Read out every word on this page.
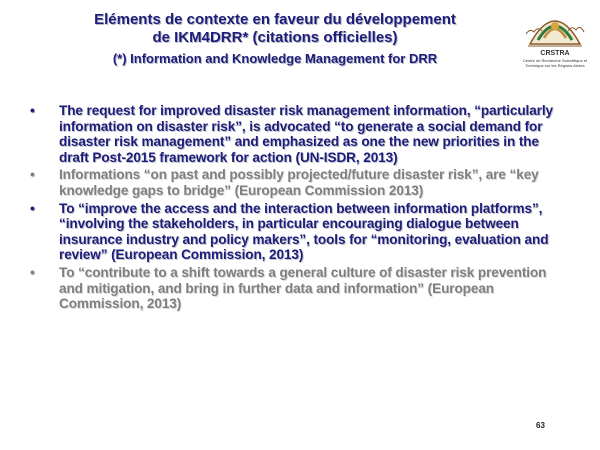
Eléments de contexte en faveur du développement
de IKM4DRR* (citations officielles)
(*) Information and Knowledge Management for DRR	CRSTRA
Centre de Recherche Scientifique et Technique sur les Régions Arides
• The request for improved disaster risk management information, “particularly information on disaster risk”, is advocated “to generate a social demand for disaster risk management” and emphasized as one the new priorities in the draft Post-2015 framework for action (UN-ISDR, 2013)
• Informations “on past and possibly projected/future disaster risk”, are “key knowledge gaps to bridge” (European Commission 2013)
• To “improve the access and the interaction between information platforms”, “involving the stakeholders, in particular encouraging dialogue between insurance industry and policy makers”, tools for “monitoring, evaluation and review” (European Commission, 2013)
• To “contribute to a shift towards a general culture of disaster risk prevention and mitigation, and bring in further data and information” (European Commission, 2013)
63
